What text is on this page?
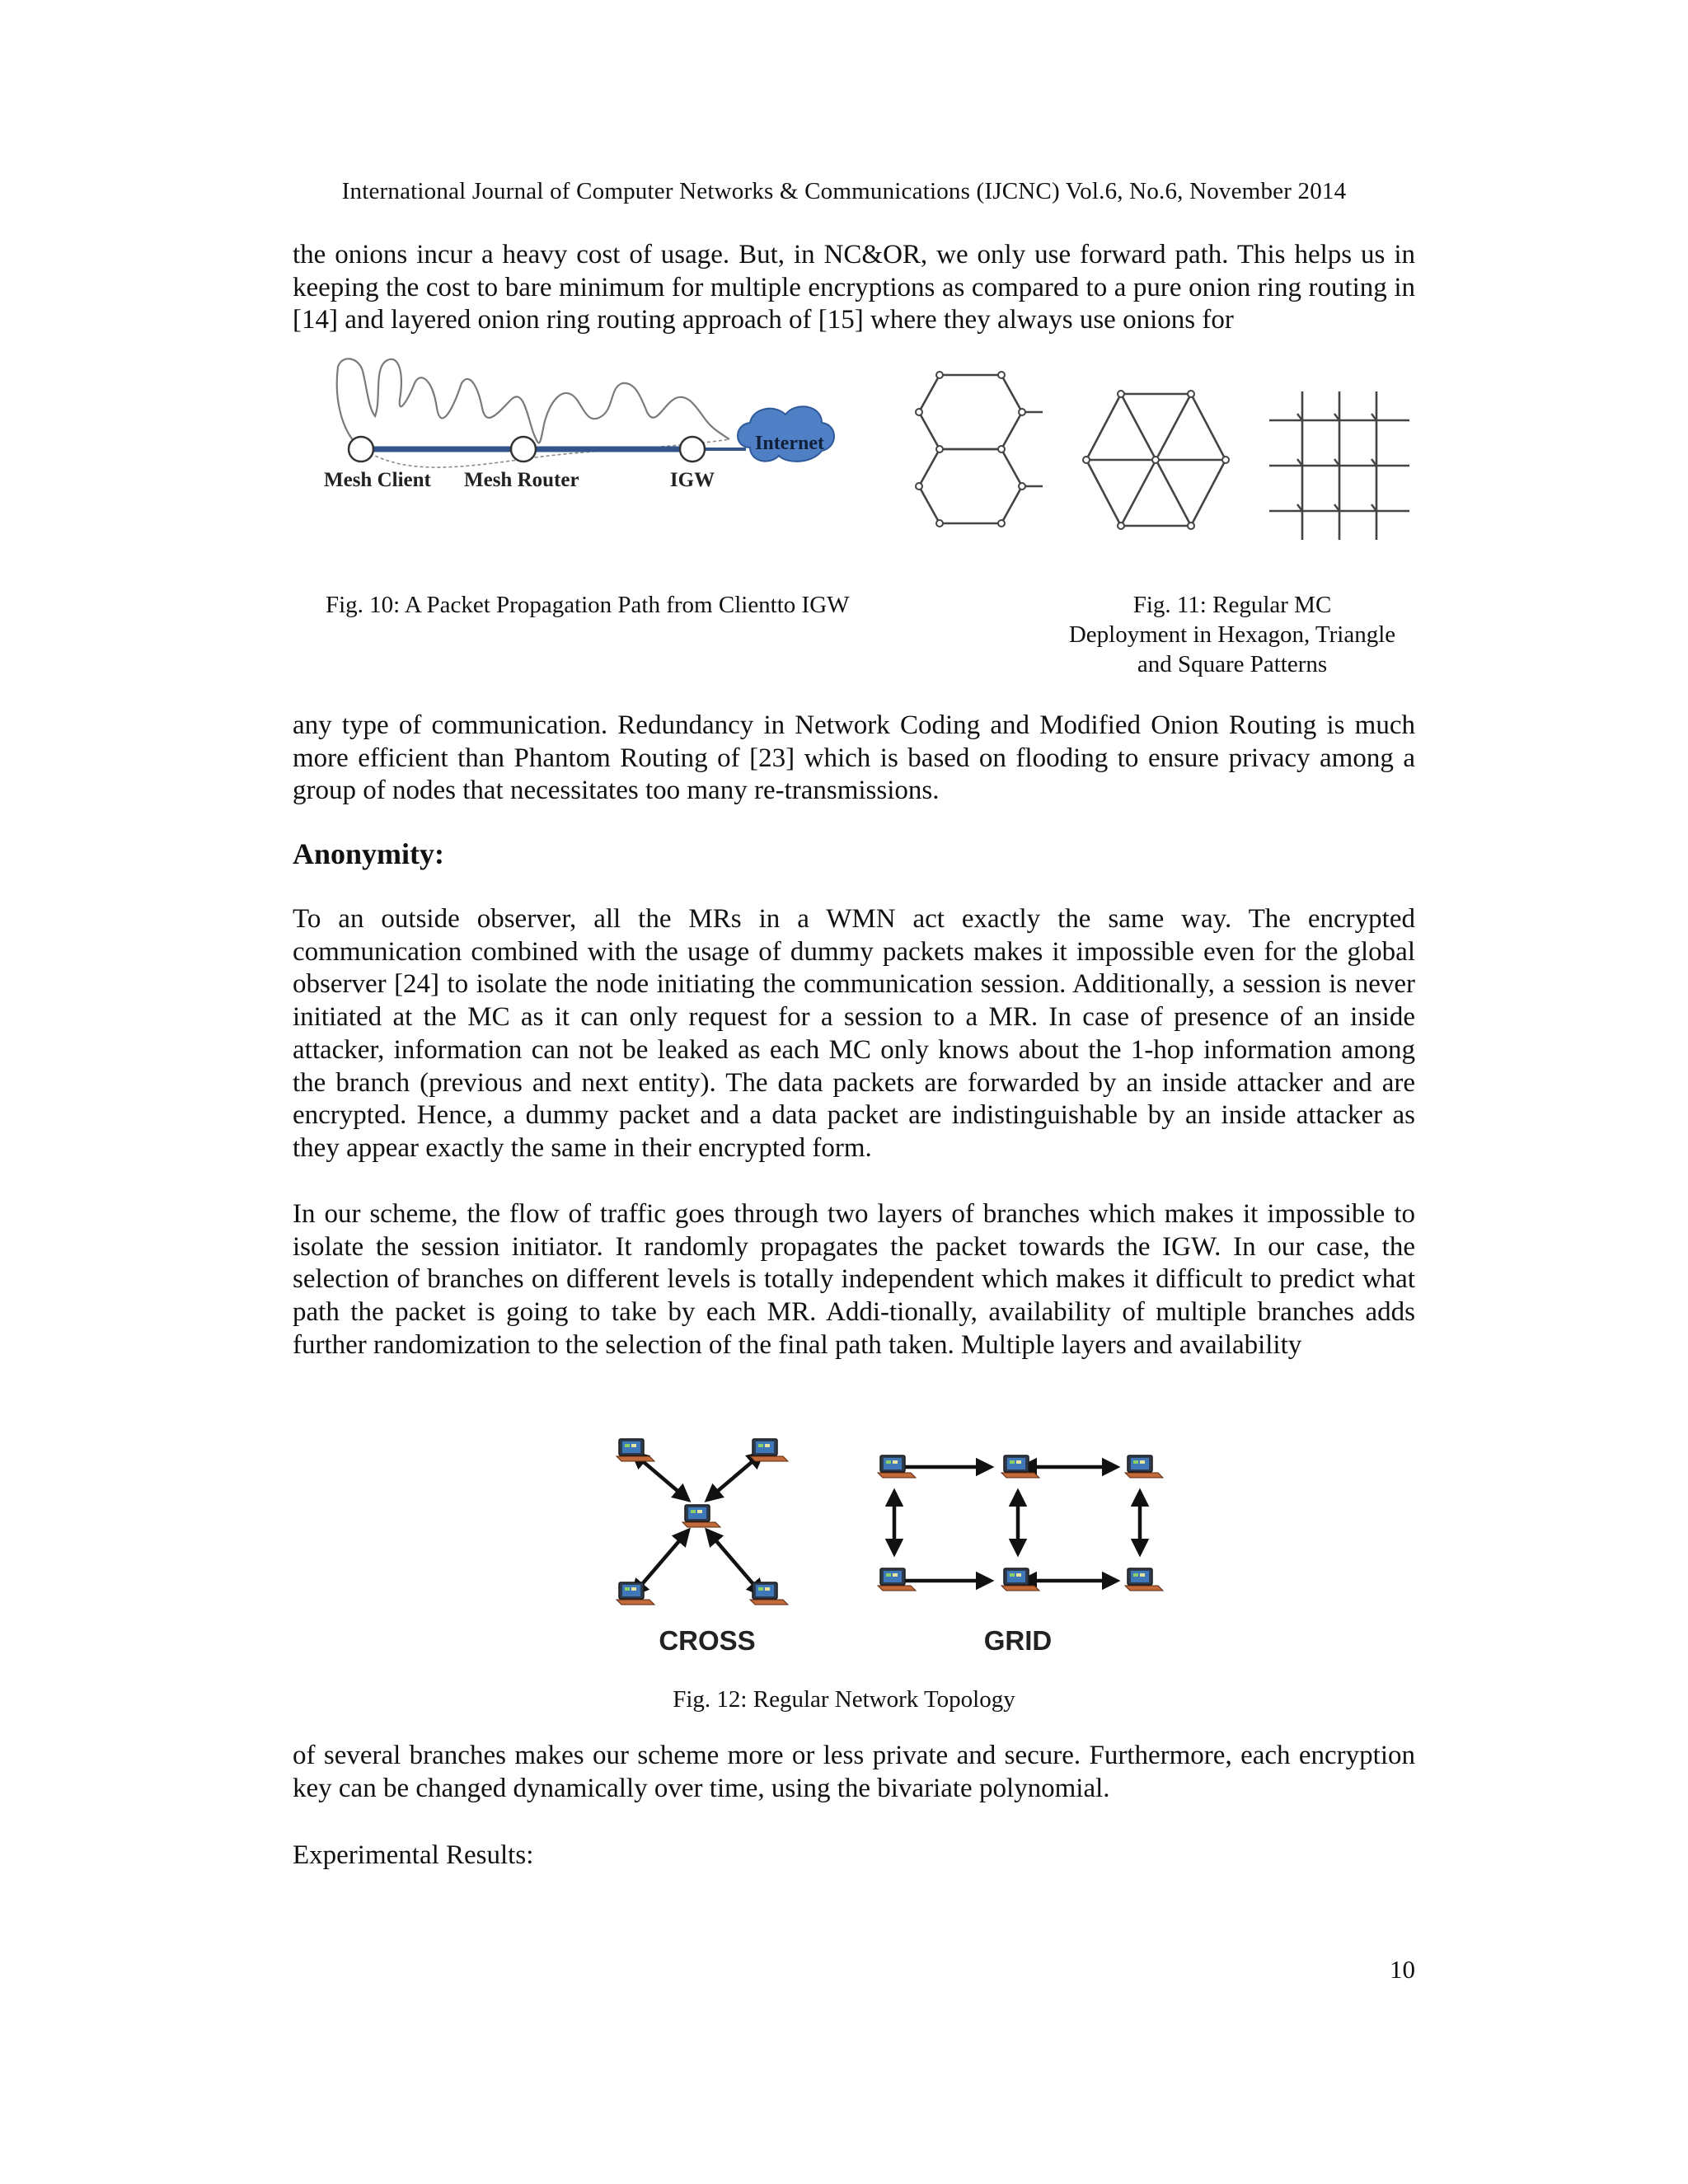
International Journal of Computer Networks & Communications (IJCNC) Vol.6, No.6, November 2014
the onions incur a heavy cost of usage. But, in NC&OR, we only use forward path. This helps us in keeping the cost to bare minimum for multiple encryptions as compared to a pure onion ring routing in [14] and layered onion ring routing approach of [15] where they always use onions for
Internet
Mesh Client Mesh Router	IGW
Fig. 10: A Packet Propagation Path from Clientto IGW	Fig. 11: Regular MC
Deployment in Hexagon, Triangle
and Square Patterns
any type of communication. Redundancy in Network Coding and Modified Onion Routing is much more efficient than Phantom Routing of [23] which is based on flooding to ensure privacy among a group of nodes that necessitates too many re-transmissions.
Anonymity:
To an outside observer, all the MRs in a WMN act exactly the same way. The encrypted communication combined with the usage of dummy packets makes it impossible even for the global observer [24] to isolate the node initiating the communication session. Additionally, a session is never initiated at the MC as it can only request for a session to a MR. In case of presence of an inside attacker, information can not be leaked as each MC only knows about the 1-hop information among the branch (previous and next entity). The data packets are forwarded by an inside attacker and are encrypted. Hence, a dummy packet and a data packet are indistinguishable by an inside attacker as they appear exactly the same in their encrypted form.
In our scheme, the flow of traffic goes through two layers of branches which makes it impossible to isolate the session initiator. It randomly propagates the packet towards the IGW. In our case, the selection of branches on different levels is totally independent which makes it difficult to predict what path the packet is going to take by each MR. Addi-tionally, availability of multiple branches adds further randomization to the selection of the final path taken. Multiple layers and availability
CROSS	GRID
Fig. 12: Regular Network Topology
of several branches makes our scheme more or less private and secure. Furthermore, each encryption key can be changed dynamically over time, using the bivariate polynomial.
Experimental Results:
10
